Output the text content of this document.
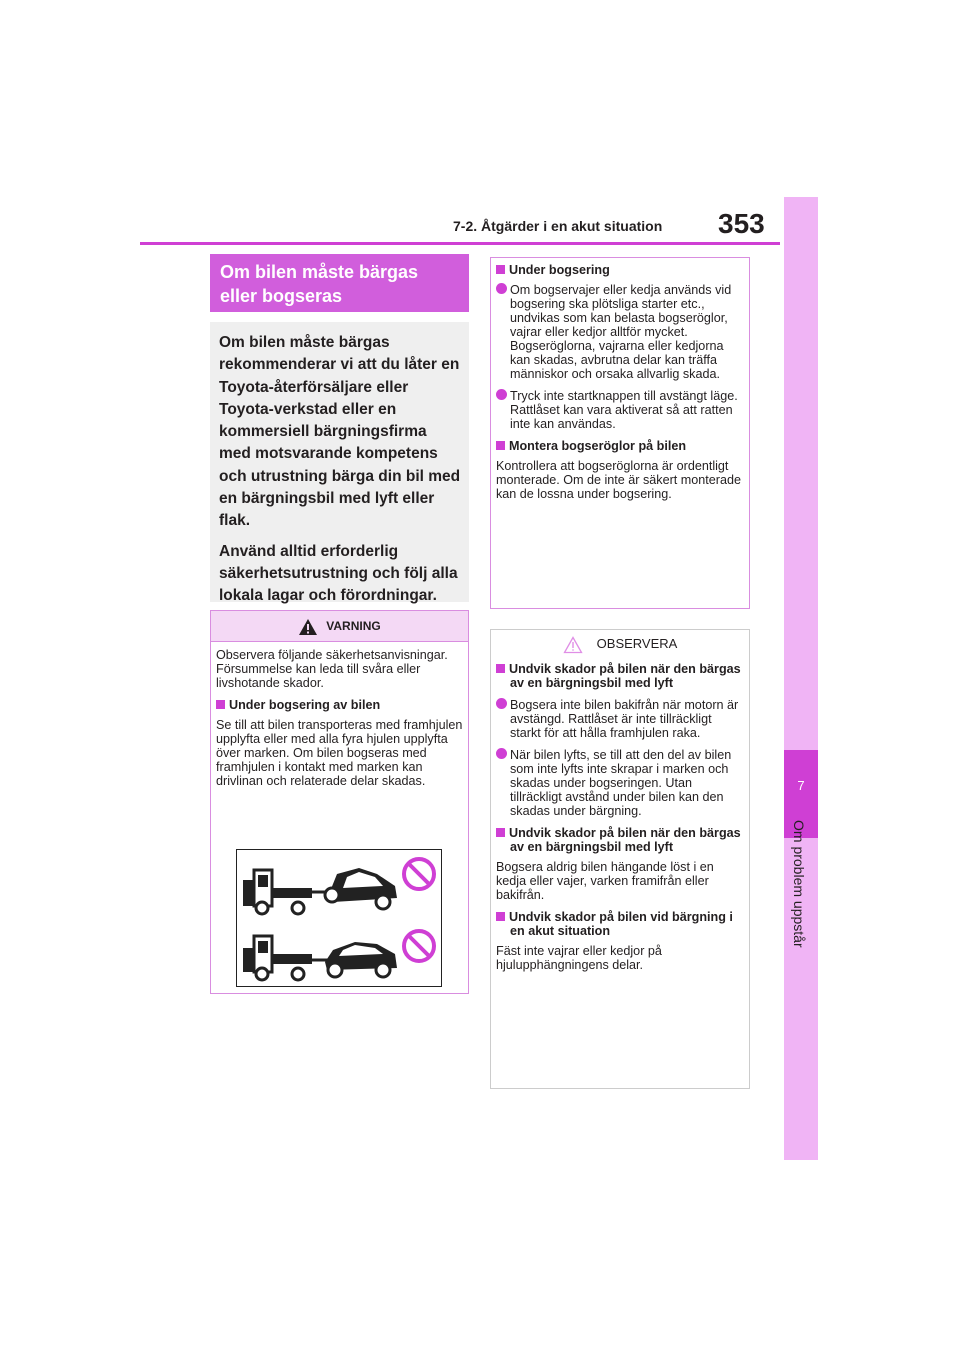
7
Om problem uppstår
7-2. Åtgärder i en akut situation 353
Om bilen måste bärgas eller bogseras

Om bilen måste bärgas rekommenderar vi att du låter en Toyota-återförsäljare eller Toyota-verkstad eller en kommersiell bärgningsfirma med motsvarande kompetens och utrustning bärga din bil med en bärgningsbil med lyft eller flak.

Använd alltid erforderlig säkerhetsutrustning och följ alla lokala lagar och förordningar.

VARNING

Observera följande säkerhetsanvisningar. Försummelse kan leda till svåra eller livshotande skador.

Under bogsering av bilen

Se till att bilen transporteras med framhjulen upplyfta eller med alla fyra hjulen upplyfta över marken. Om bilen bogseras med framhjulen i kontakt med marken kan drivlinan och relaterade delar skadas.

Under bogsering

Om bogservajer eller kedja används vid bogsering ska plötsliga starter etc., undvikas som kan belasta bogseröglor, vajrar eller kedjor alltför mycket. Bogseröglorna, vajrarna eller kedjorna kan skadas, avbrutna delar kan träffa människor och orsaka allvarlig skada.

Tryck inte startknappen till avstängt läge. Rattlåset kan vara aktiverat så att ratten inte kan användas.

Montera bogseröglor på bilen

Kontrollera att bogseröglorna är ordentligt monterade. Om de inte är säkert monterade kan de lossna under bogsering.

OBSERVERA

Undvik skador på bilen när den bärgas av en bärgningsbil med lyft

Bogsera inte bilen bakifrån när motorn är avstängd. Rattlåset är inte tillräckligt starkt för att hålla framhjulen raka.

När bilen lyfts, se till att den del av bilen som inte lyfts inte skrapar i marken och skadas under bogseringen. Utan tillräckligt avstånd under bilen kan den skadas under bärgning.

Undvik skador på bilen när den bärgas av en bärgningsbil med lyft

Bogsera aldrig bilen hängande löst i en kedja eller vajer, varken framifrån eller bakifrån.

Undvik skador på bilen vid bärgning i en akut situation

Fäst inte vajrar eller kedjor på hjulupphängningens delar.
